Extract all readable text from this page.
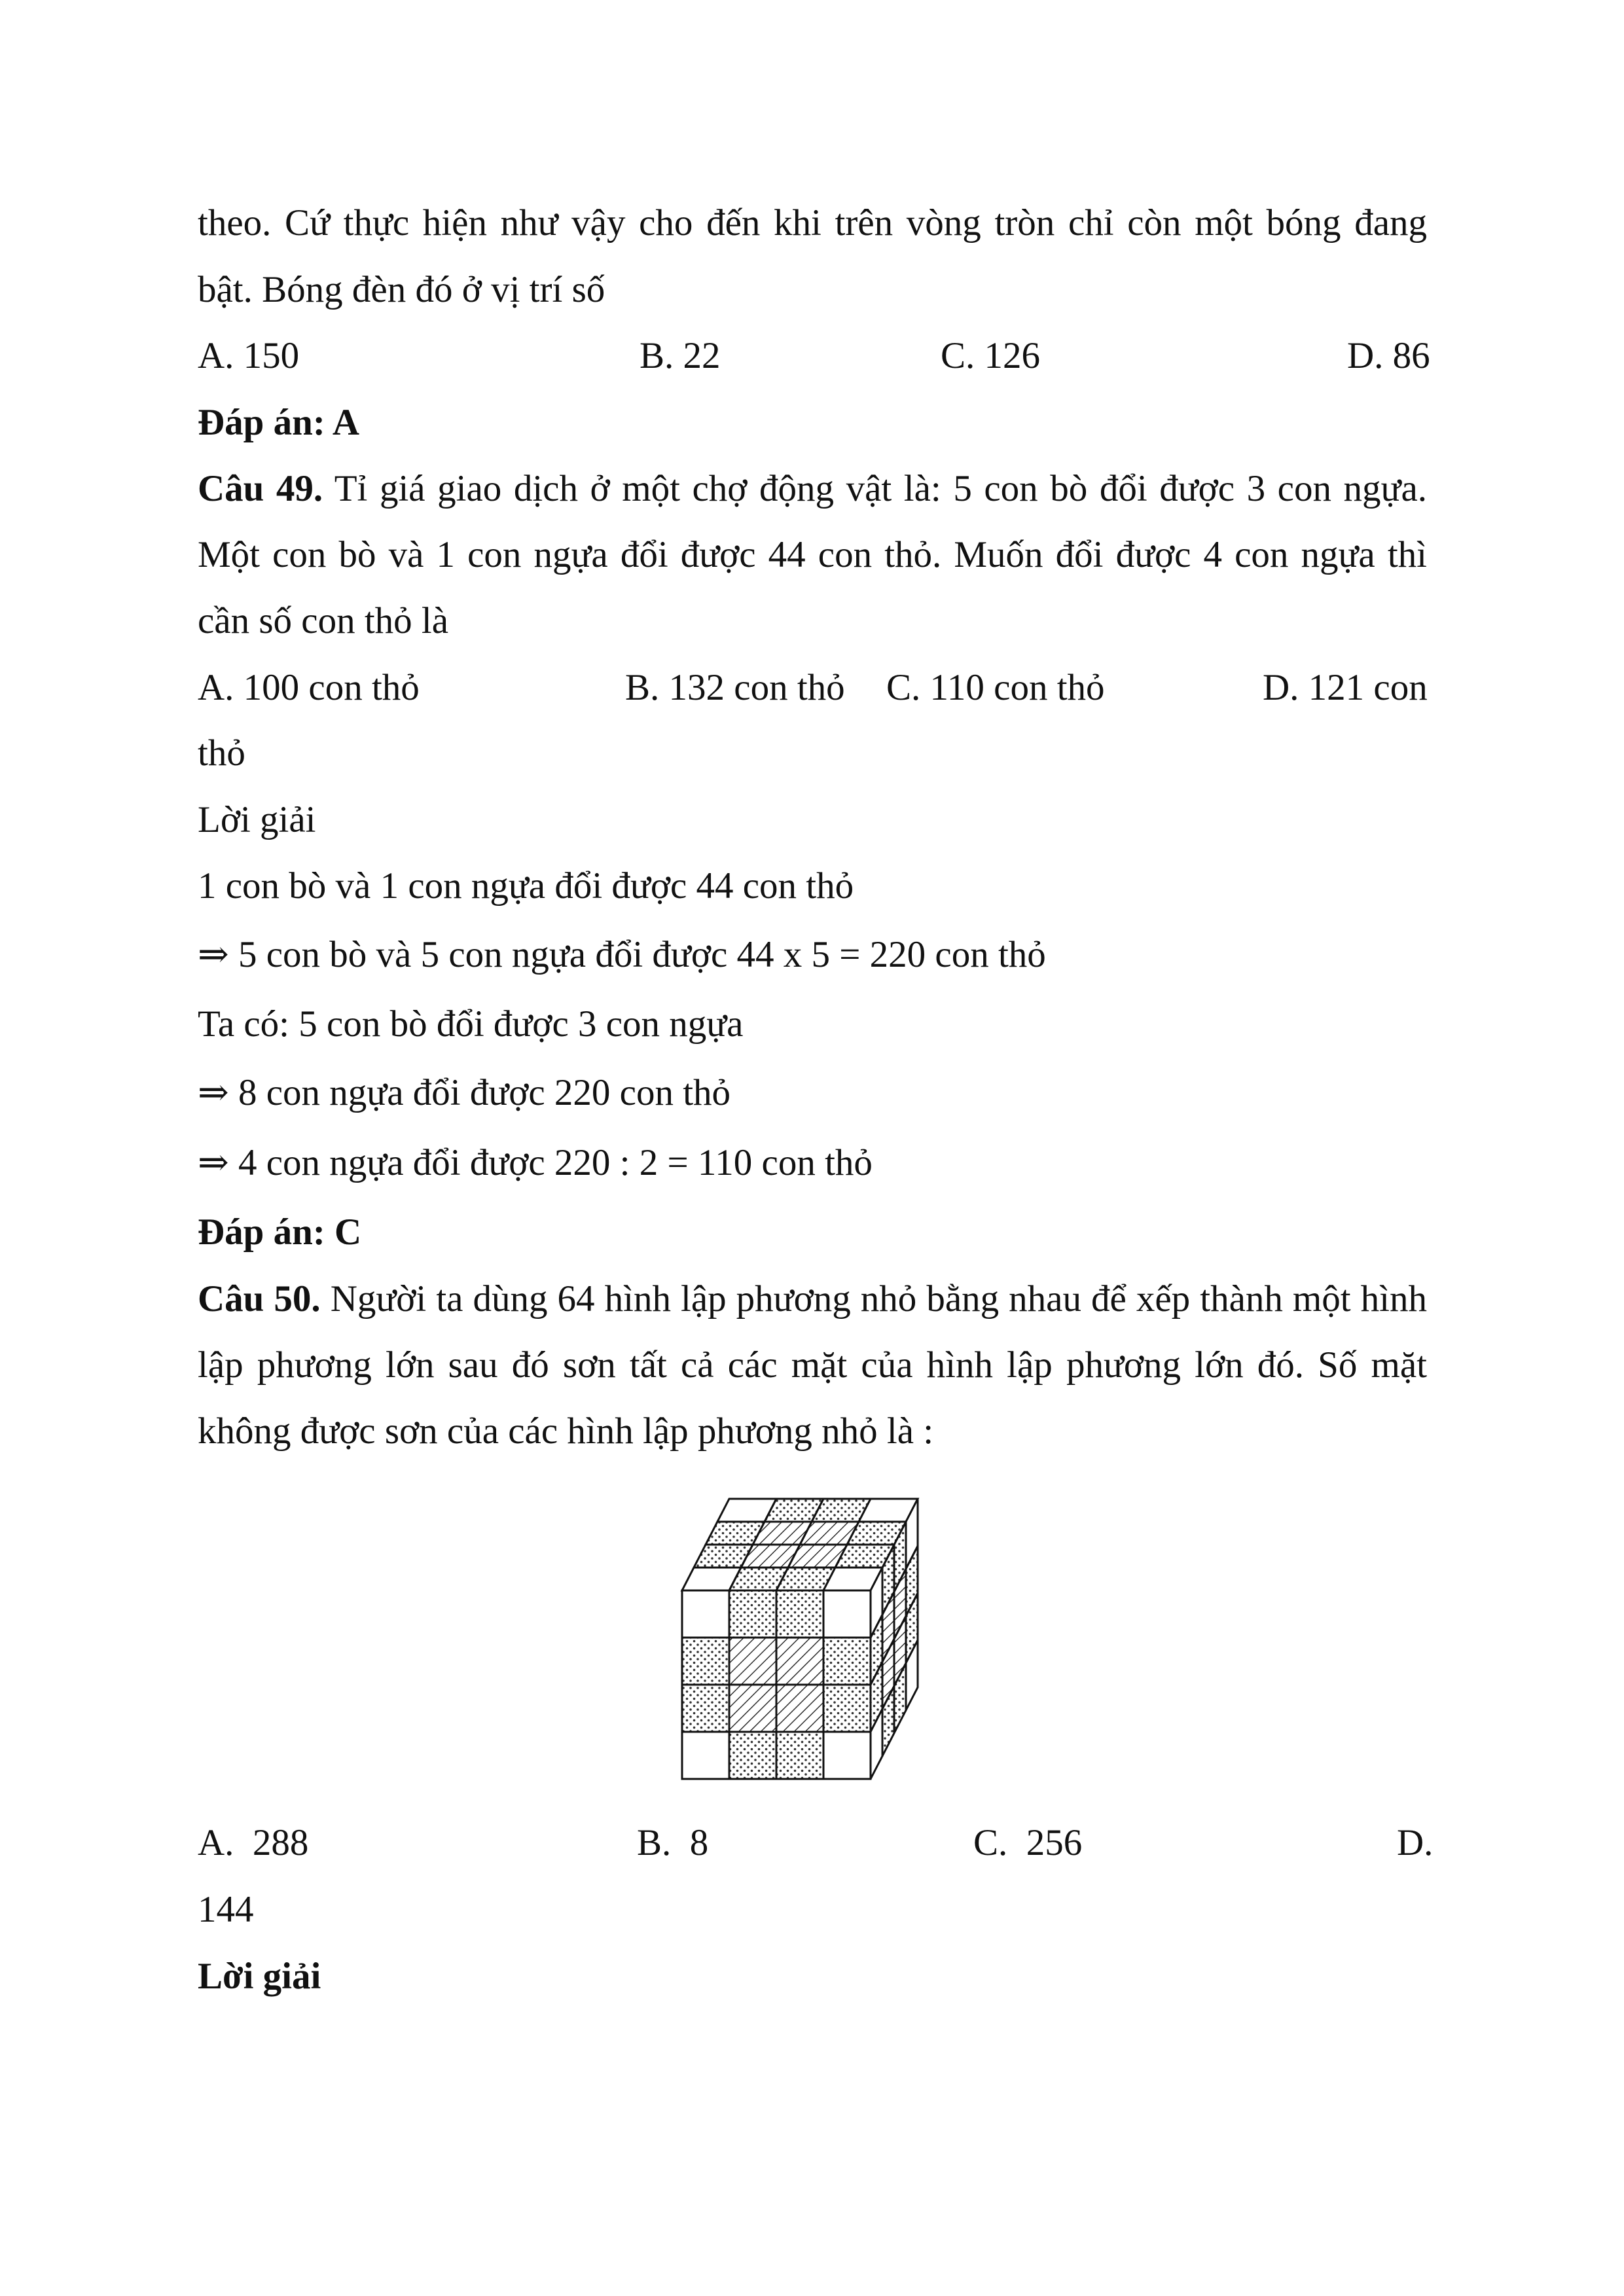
theo. Cứ thực hiện như vậy cho đến khi trên vòng tròn chỉ còn một bóng đang
bật. Bóng đèn đó ở vị trí số
A. 150	B. 22	C. 126	D. 86
Đáp án: A
Câu 49. Tỉ giá giao dịch ở một chợ động vật là: 5 con bò đổi được 3 con ngựa.
Một con bò và 1 con ngựa đổi được 44 con thỏ. Muốn đổi được 4 con ngựa thì
cần số con thỏ là
A. 100 con thỏ	B. 132 con thỏ C. 110 con thỏ	D. 121 con
thỏ
Lời giải
1 con bò và 1 con ngựa đổi được 44 con thỏ
⇒ 5 con bò và 5 con ngựa đổi được 44 x 5 = 220 con thỏ
Ta có: 5 con bò đổi được 3 con ngựa
⇒ 8 con ngựa đổi được 220 con thỏ
⇒ 4 con ngựa đổi được 220 : 2 = 110 con thỏ
Đáp án: C
Câu 50. Người ta dùng 64 hình lập phương nhỏ bằng nhau để xếp thành một hình
lập phương lớn sau đó sơn tất cả các mặt của hình lập phương lớn đó. Số mặt
không được sơn của các hình lập phương nhỏ là :
A.  288	B.  8	C.  256	D.
144
Lời giải
